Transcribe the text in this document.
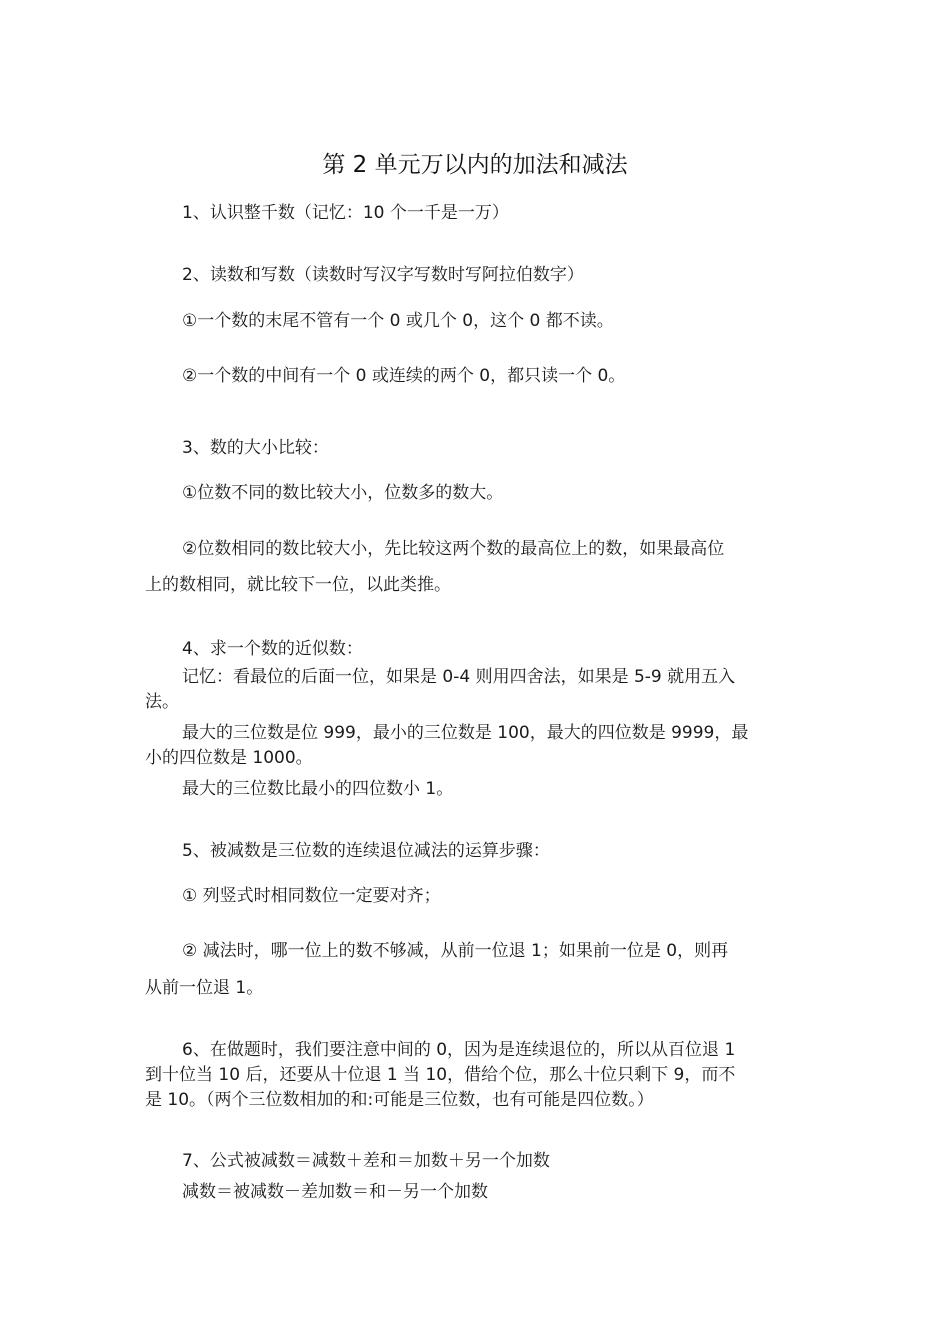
第 2 单元万以内的加法和减法
1、认识整千数（记忆：10 个一千是一万）
2、读数和写数（读数时写汉字写数时写阿拉伯数字）
①一个数的末尾不管有一个 0 或几个 0，这个 0 都不读。
②一个数的中间有一个 0 或连续的两个 0，都只读一个 0。
3、数的大小比较：
①位数不同的数比较大小，位数多的数大。
②位数相同的数比较大小，先比较这两个数的最高位上的数，如果最高位
上的数相同，就比较下一位，以此类推。
4、求一个数的近似数：
记忆：看最位的后面一位，如果是 0-4 则用四舍法，如果是 5-9 就用五入
法。
最大的三位数是位 999，最小的三位数是 100，最大的四位数是 9999，最
小的四位数是 1000。
最大的三位数比最小的四位数小 1。
5、被减数是三位数的连续退位减法的运算步骤：
① 列竖式时相同数位一定要对齐；
② 减法时，哪一位上的数不够减，从前一位退 1；如果前一位是 0，则再
从前一位退 1。
6、在做题时，我们要注意中间的 0，因为是连续退位的，所以从百位退 1
到十位当 10 后，还要从十位退 1 当 10，借给个位，那么十位只剩下 9，而不
是 10。（两个三位数相加的和:可能是三位数，也有可能是四位数。）
7、公式被减数＝减数＋差和＝加数＋另一个加数
减数＝被减数－差加数＝和－另一个加数
